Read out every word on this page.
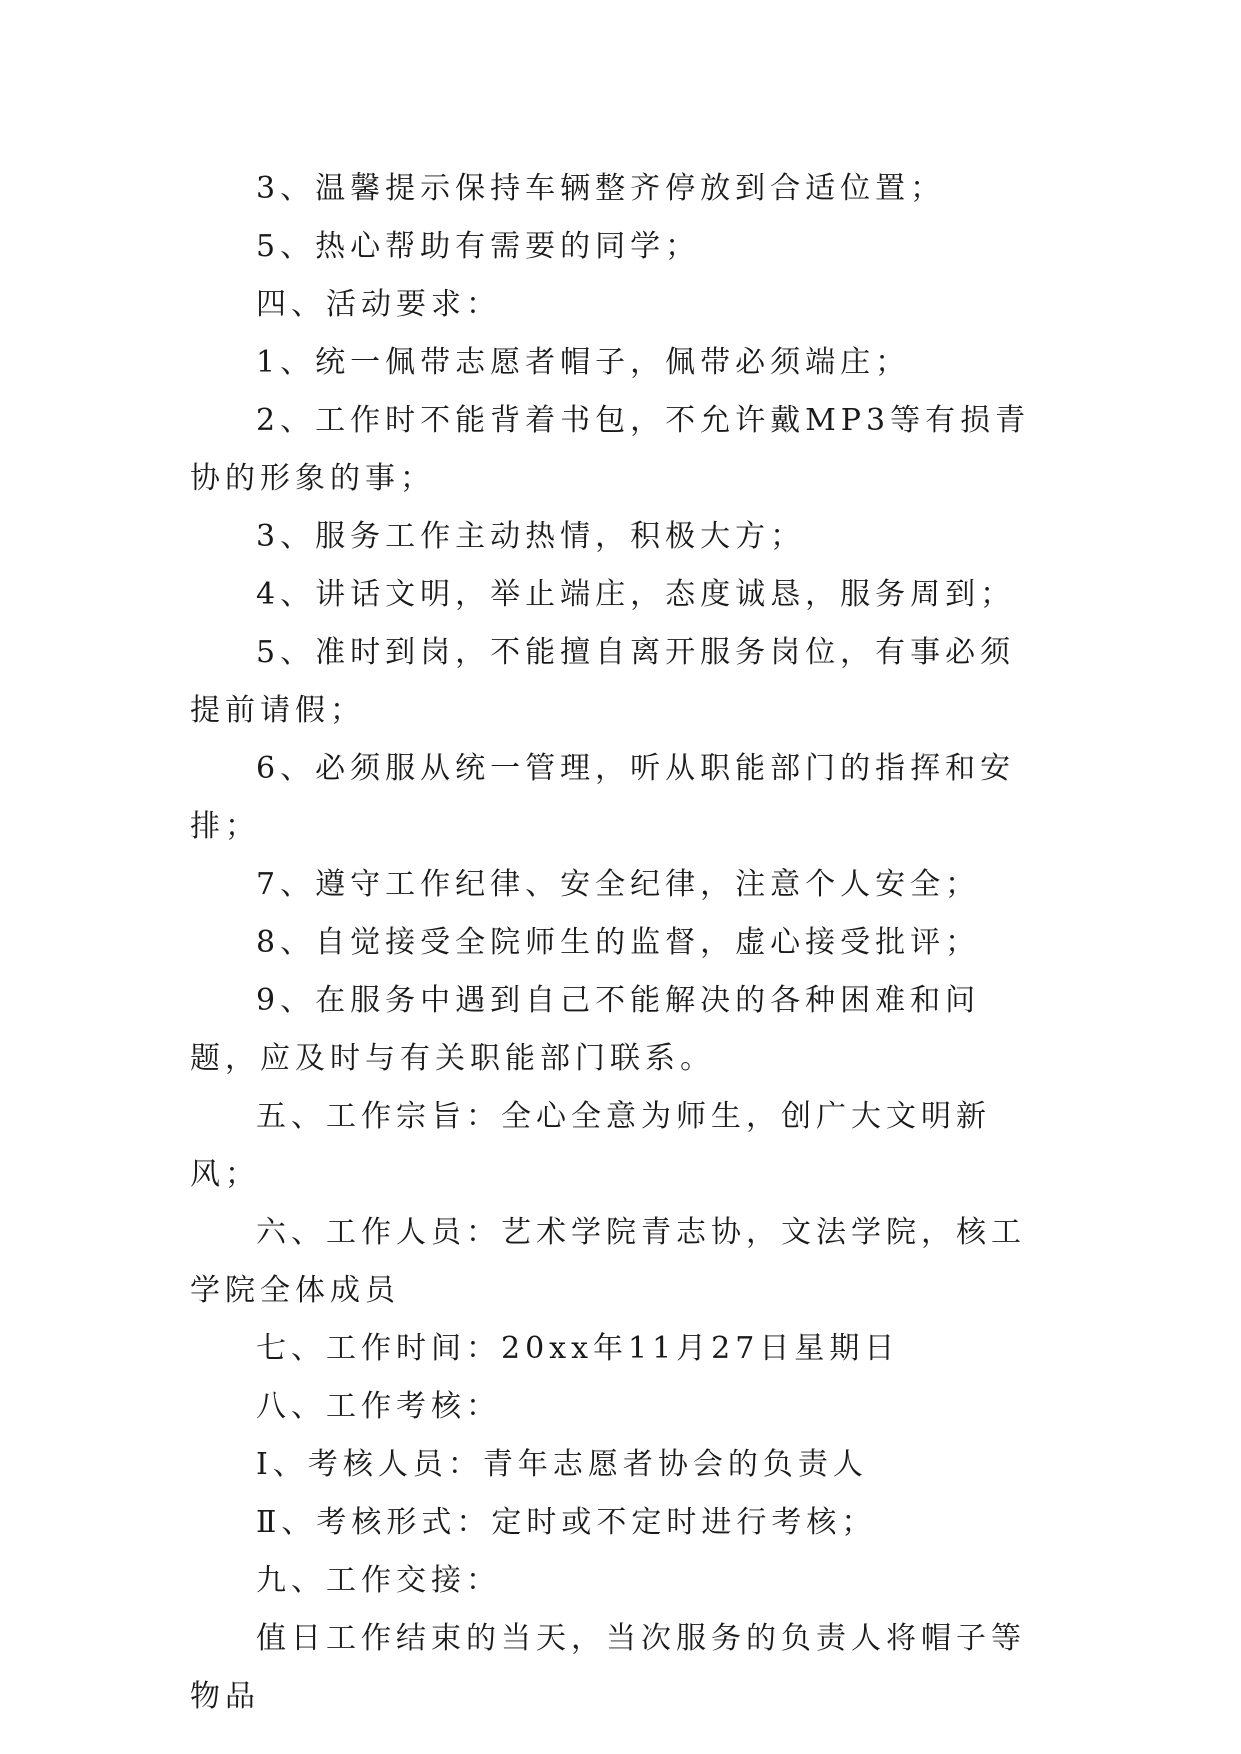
3、温馨提示保持车辆整齐停放到合适位置；

5、热心帮助有需要的同学；

四、活动要求：

1、统一佩带志愿者帽子，佩带必须端庄；

2、工作时不能背着书包，不允许戴MP3等有损青协的形象的事；

3、服务工作主动热情，积极大方；

4、讲话文明，举止端庄，态度诚恳，服务周到；

5、准时到岗，不能擅自离开服务岗位，有事必须提前请假；

6、必须服从统一管理，听从职能部门的指挥和安排；

7、遵守工作纪律、安全纪律，注意个人安全；

8、自觉接受全院师生的监督，虚心接受批评；

9、在服务中遇到自己不能解决的各种困难和问题，应及时与有关职能部门联系。

五、工作宗旨：全心全意为师生，创广大文明新风；

六、工作人员：艺术学院青志协，文法学院，核工学院全体成员

七、工作时间：20xx年11月27日星期日

八、工作考核：

Ⅰ、考核人员：青年志愿者协会的负责人

Ⅱ、考核形式：定时或不定时进行考核；

九、工作交接：

值日工作结束的当天，当次服务的负责人将帽子等物品
